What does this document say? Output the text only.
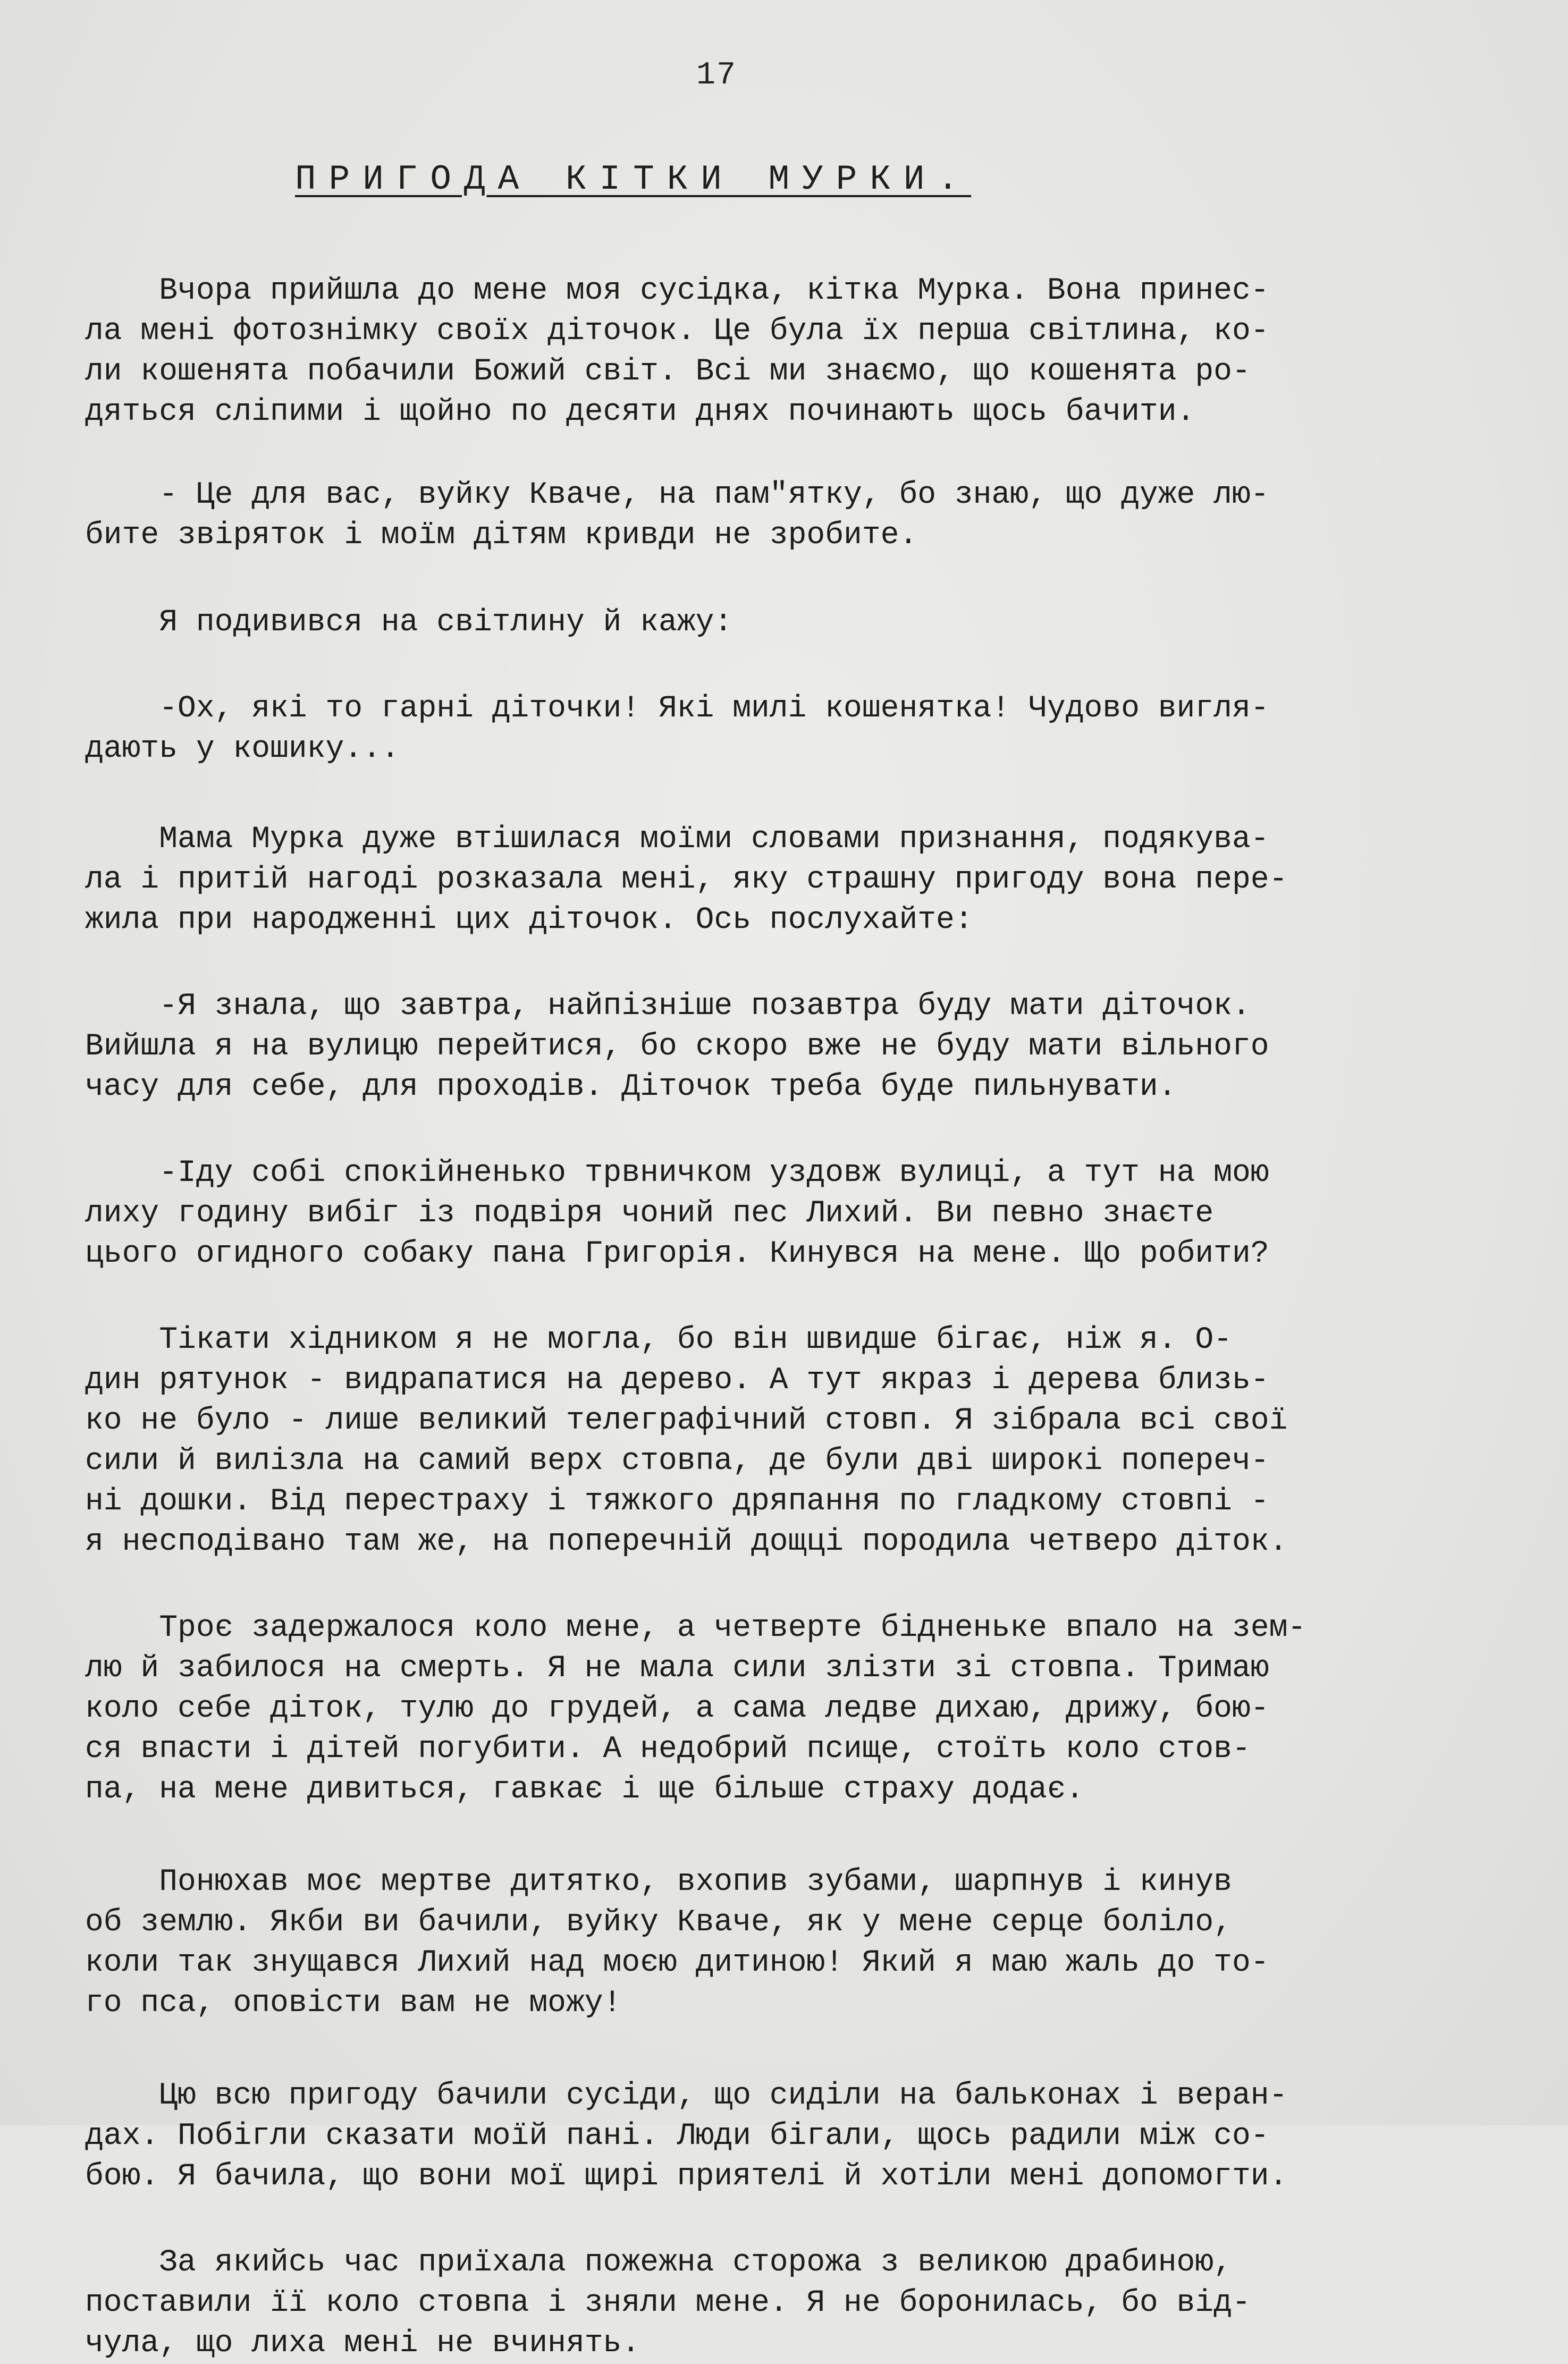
17
ПРИГОДА КІТКИ МУРКИ.

Вчора прийшла до мене моя сусідка, кітка Мурка. Вона принес-
ла мені фотознімку своїх діточок. Це була їх перша світлина, ко-
ли кошенята побачили Божий світ. Всі ми знаємо, що кошенята ро-
дяться сліпими і щойно по десяти днях починають щось бачити.

- Це для вас, вуйку Кваче, на пам"ятку, бо знаю, що дуже лю-
бите звіряток і моїм дітям кривди не зробите.

Я подивився на світлину й кажу:

-Ох, які то гарні діточки! Які милі кошенятка! Чудово вигля-
дають у кошику...

Мама Мурка дуже втішилася моїми словами признання, подякува-
ла і притій нагоді розказала мені, яку страшну пригоду вона пере-
жила при народженні цих діточок. Ось послухайте:

-Я знала, що завтра, найпізніше позавтра буду мати діточок.
Вийшла я на вулицю перейтися, бо скоро вже не буду мати вільного
часу для себе, для проходів. Діточок треба буде пильнувати.

-Іду собі спокійненько трвничком уздовж вулиці, а тут на мою
лиху годину вибіг із подвіря чоний пес Лихий. Ви певно знаєте
цього огидного собаку пана Григорія. Кинувся на мене. Що робити?

Тікати хідником я не могла, бо він швидше бігає, ніж я. О-
дин рятунок - видрапатися на дерево. А тут якраз і дерева близь-
ко не було - лише великий телеграфічний стовп. Я зібрала всі свої
сили й вилізла на самий верх стовпа, де були дві широкі попереч-
ні дошки. Від перестраху і тяжкого дряпання по гладкому стовпі -
я несподівано там же, на поперечній дощці породила четверо діток.

Троє задержалося коло мене, а четверте бідненьке впало на зем-
лю й забилося на смерть. Я не мала сили злізти зі стовпа. Тримаю
коло себе діток, тулю до грудей, а сама ледве дихаю, дрижу, бою-
ся впасти і дітей погубити. А недобрий псище, стоїть коло стов-
па, на мене дивиться, гавкає і ще більше страху додає.

Понюхав моє мертве дитятко, вхопив зубами, шарпнув і кинув
об землю. Якби ви бачили, вуйку Кваче, як у мене серце боліло,
коли так знущався Лихий над моєю дитиною! Який я маю жаль до то-
го пса, оповісти вам не можу!

Цю всю пригоду бачили сусіди, що сиділи на бальконах і веран-
дах. Побігли сказати моїй пані. Люди бігали, щось радили між со-
бою. Я бачила, що вони мої щирі приятелі й хотіли мені допомогти.

За якийсь час приїхала пожежна сторожа з великою драбиною,
поставили її коло стовпа і зняли мене. Я не боронилась, бо від-
чула, що лиха мені не вчинять.
